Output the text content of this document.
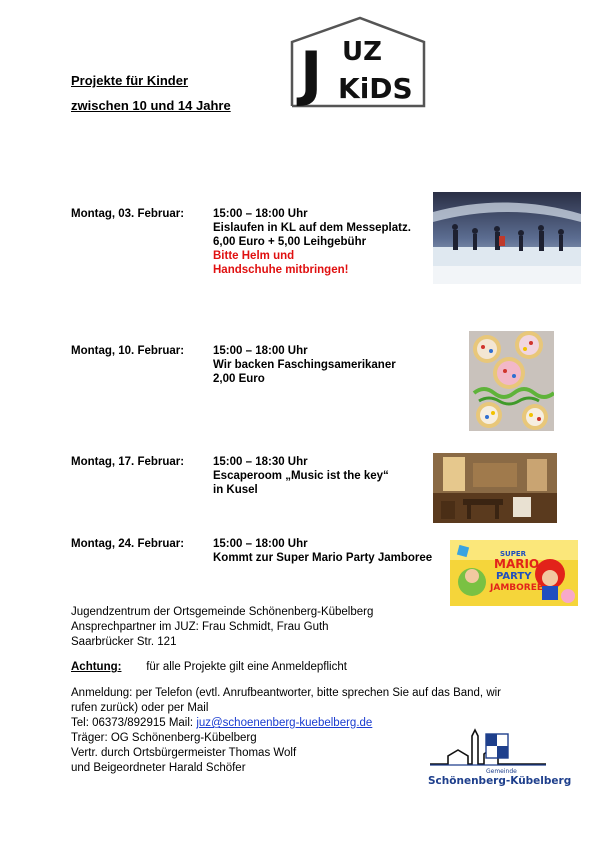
Projekte für Kinder
zwischen 10 und 14 Jahre J UZ
KiDS
Montag, 03. Februar:	15:00 – 18:00 Uhr
Eislaufen in KL auf dem Messeplatz.
6,00 Euro + 5,00 Leihgebühr
Bitte Helm und
Handschuhe mitbringen!
Montag, 10. Februar:	15:00 – 18:00 Uhr
Wir backen Faschingsamerikaner
2,00 Euro
Montag, 17. Februar:	15:00 – 18:30 Uhr
Escaperoom „Music ist the key“
in Kusel
Montag, 24. Februar:	15:00 – 18:00 Uhr
Kommt zur Super Mario Party Jamboree	SUPER
MARIO
PARTY
JAMBOREE
Jugendzentrum der Ortsgemeinde Schönenberg-Kübelberg
Ansprechpartner im JUZ: Frau Schmidt, Frau Guth
Saarbrücker Str. 121
Achtung: für alle Projekte gilt eine Anmeldepflicht
Anmeldung: per Telefon (evtl. Anrufbeantworter, bitte sprechen Sie auf das Band, wir
rufen zurück) oder per Mail
Tel: 06373/892915 Mail: juz@schoenenberg-kuebelberg.de
Träger: OG Schönenberg-Kübelberg
Vertr. durch Ortsbürgermeister Thomas Wolf
und Beigeordneter Harald Schöfer	Gemeinde
Schönenberg-Kübelberg
